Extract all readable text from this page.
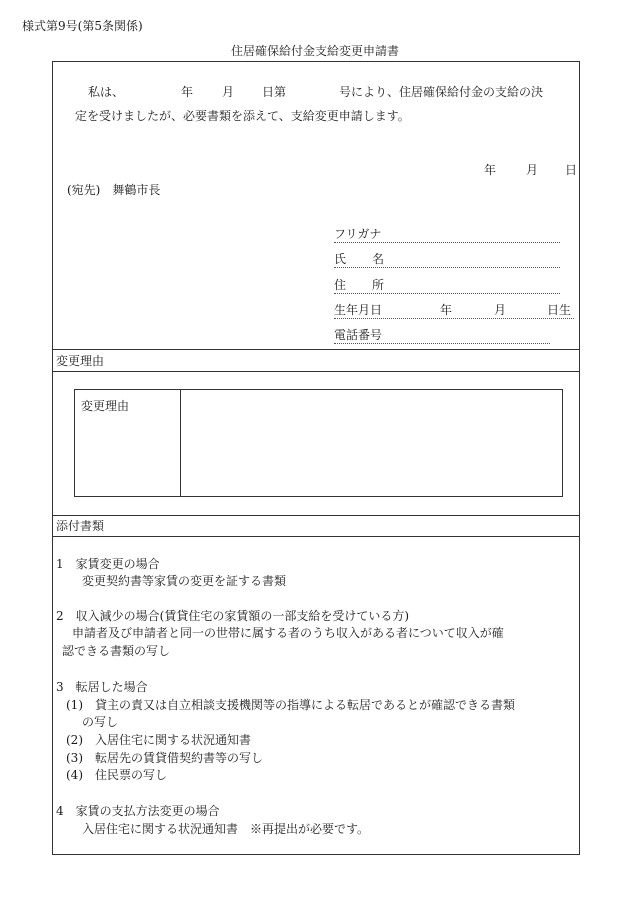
様式第9号(第5条関係)
住居確保給付金支給変更申請書
私は、	年 月 日第	号により、住居確保給付金の支給の決
定を受けましたが、必要書類を添えて、支給変更申請します。
年 月 日
(宛先)　舞鶴市長
フリガナ
氏 名
住 所
生年月日	年	月	日生
電話番号
変更理由
変更理由
添付書類
1　家賃変更の場合
変更契約書等家賃の変更を証する書類
2　収入減少の場合(賃貸住宅の家賃額の一部支給を受けている方)
申請者及び申請者と同一の世帯に属する者のうち収入がある者について収入が確
認できる書類の写し
3　転居した場合
(1)　貸主の責又は自立相談支援機関等の指導による転居であるとが確認できる書類
の写し
(2)　入居住宅に関する状況通知書
(3)　転居先の賃貸借契約書等の写し
(4)　住民票の写し
4　家賃の支払方法変更の場合
入居住宅に関する状況通知書　※再提出が必要です。
